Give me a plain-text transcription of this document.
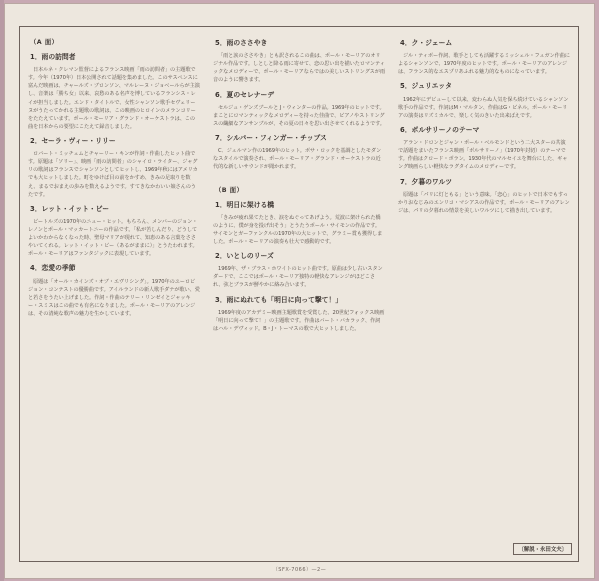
（A 面）
1．雨の訪問者

日本ルネ・クレマン監督によるフランス映画「雨の訪問者」の主題歌です。今年（1970年）日本公開されて話題を集めました。このサスペンスに富んだ映画は、チャールズ・ブロンソン、マルレーヌ・ジョベールらが主演し、音楽は「勝ち女」以来、哀愁のある名声を博しているフランシス・レイが担当しました。エンド・タイトルで、女性シャンソン歌手セヴェリーヌがうたってかれる主題歌の歌詞は、この映画のヒロインのメランコリーをたたえています。ポール・モーリア・グランド・オーケストラは、この曲を日本からの要望にこたえて録音しました。

2．セーラ・ヴィー・リリー

ロバート・ミッチェムとチャーリー・キンが作詞・作曲したヒット曲です。原題は「ソリー」、映画「雨の訪問者」のシャイロ・ライター、ジャグリの歌詞はフランスでシャンソンとしてヒットし、1969年秋にはアメリカでも大ヒットしました。町をゆけば目の前をかすめ、きみの足取りを数え、まるでおまえの歩みを数えるようです。すてきなかわいい娘さんのうたです。

3．レット・イット・ビー

ビートルズの1970年のニュー・ヒット。もちろん、メンバーのジョン・レノンとポール・マッカートニーの作品です。「私が苦しんだり、どうしてよいかわからなくなった時、聖母マリアが現れて、知恵のある言葉をささやいてくれる。レット・イット・ビー（あるがままに）」とうたわれます。ポール・モーリアはファンタジックに表現しています。

4．恋愛の季節

原題は「オール・カインズ・オブ・エヴリシング」。1970年のユーロビジョン・コンテストの優勝曲です。アイルランドの新人歌手ダナが歌い、愛と若さをうたい上げました。作詞・作曲のテリー・リンゼイとジャッキー・スミスはこの曲でも有名になりました。ポール・モーリアのアレンジは、その清純な歌声の魅力を生かしています。

5．雨のささやき

「雨と涙のささやき」とも訳されるこの曲は、ポール・モーリアのオリジナル作品です。しとしと降る雨に寄せて、恋の思い出を描いたロマンティックなメロディーで、ポール・モーリアならではの美しいストリングスが雨音のように響きます。

6．夏のセレナーデ

セルジュ・ゲンズブールと J・ウィンターの作品。1969年のヒットです。まことにロマンティックなメロディーを持った佳曲で、ピアノやストリングスの繊細なアンサンブルが、その夏の日々を思い出させてくれるようです。

7．シルバー・フィンガー・チップス

C．ジュルマン作の1969年のヒット。ボサ・ロックを基調としたモダンなスタイルで演奏され、ポール・モーリア・グランド・オーケストラの近代的な新しいサウンドが聞かれます。

（B 面）
1．明日に架ける橋

「きみが疲れ果てたとき、涙をぬぐってあげよう。荒波に架けられた橋のように、僕が身を投げ出そう」とうたうポール・サイモンの作品です。サイモンとガーファンクルの1970年の大ヒットで、グラミー賞も獲得しました。ポール・モーリアの演奏も壮大で感動的です。

2．いとしのリーズ

1969年、ザ・ブラス・ホワイトのヒット曲です。原曲は少し古いスタンダードで、ここではポール・モーリア独特の軽快なアレンジがほどこされ、弦とブラスが鮮やかに絡み合います。

3．雨にぬれても「明日に向って撃て！」

1969年度のアカデミー映画主題歌賞を受賞した、20世紀フォックス映画「明日に向って撃て！」の主題歌です。作曲はバート・バカラック、作詞はハル・デヴィッド。B・J・トーマスの歌で大ヒットしました。

4．ク・ジェーム

ジル・ティボー作詞、歌手としても活躍するミッシェル・フュガン作曲によるシャンソンで、1970年度のヒットです。ポール・モーリアのアレンジは、フランス的なエスプリあふれる魅力的なものになっています。

5．ジュリエッタ

1962年にデビューして以来、変わらぬ人気を保ち続けているシャンソン歌手の作品です。作詞はM・マルタン、作曲はG・ピネル。ポール・モーリアの演奏はリズミカルで、楽しく気のきいた出来ばえです。

6．ボルサリーノのテーマ

アラン・ドロンとジャン・ポール・ベルモンドという二大スターの共演で話題をまいたフランス映画「ボルサリーノ」（1970年封切）のテーマです。作曲はクロード・ボラン。1930年代のマルセイユを舞台にした、ギャング映画らしい軽快なラグタイムのメロディーです。

7．夕暮のワルツ

原題は「パリに灯ともる」という意味。「恋心」のヒットで日本でもすっかりおなじみのエンリコ・マシアスの作品です。ポール・モーリアのアレンジは、パリの夕暮れの情景を美しいワルツにして描き出しています。

〔解説・永田文夫〕
（SFX-7066）—2—
